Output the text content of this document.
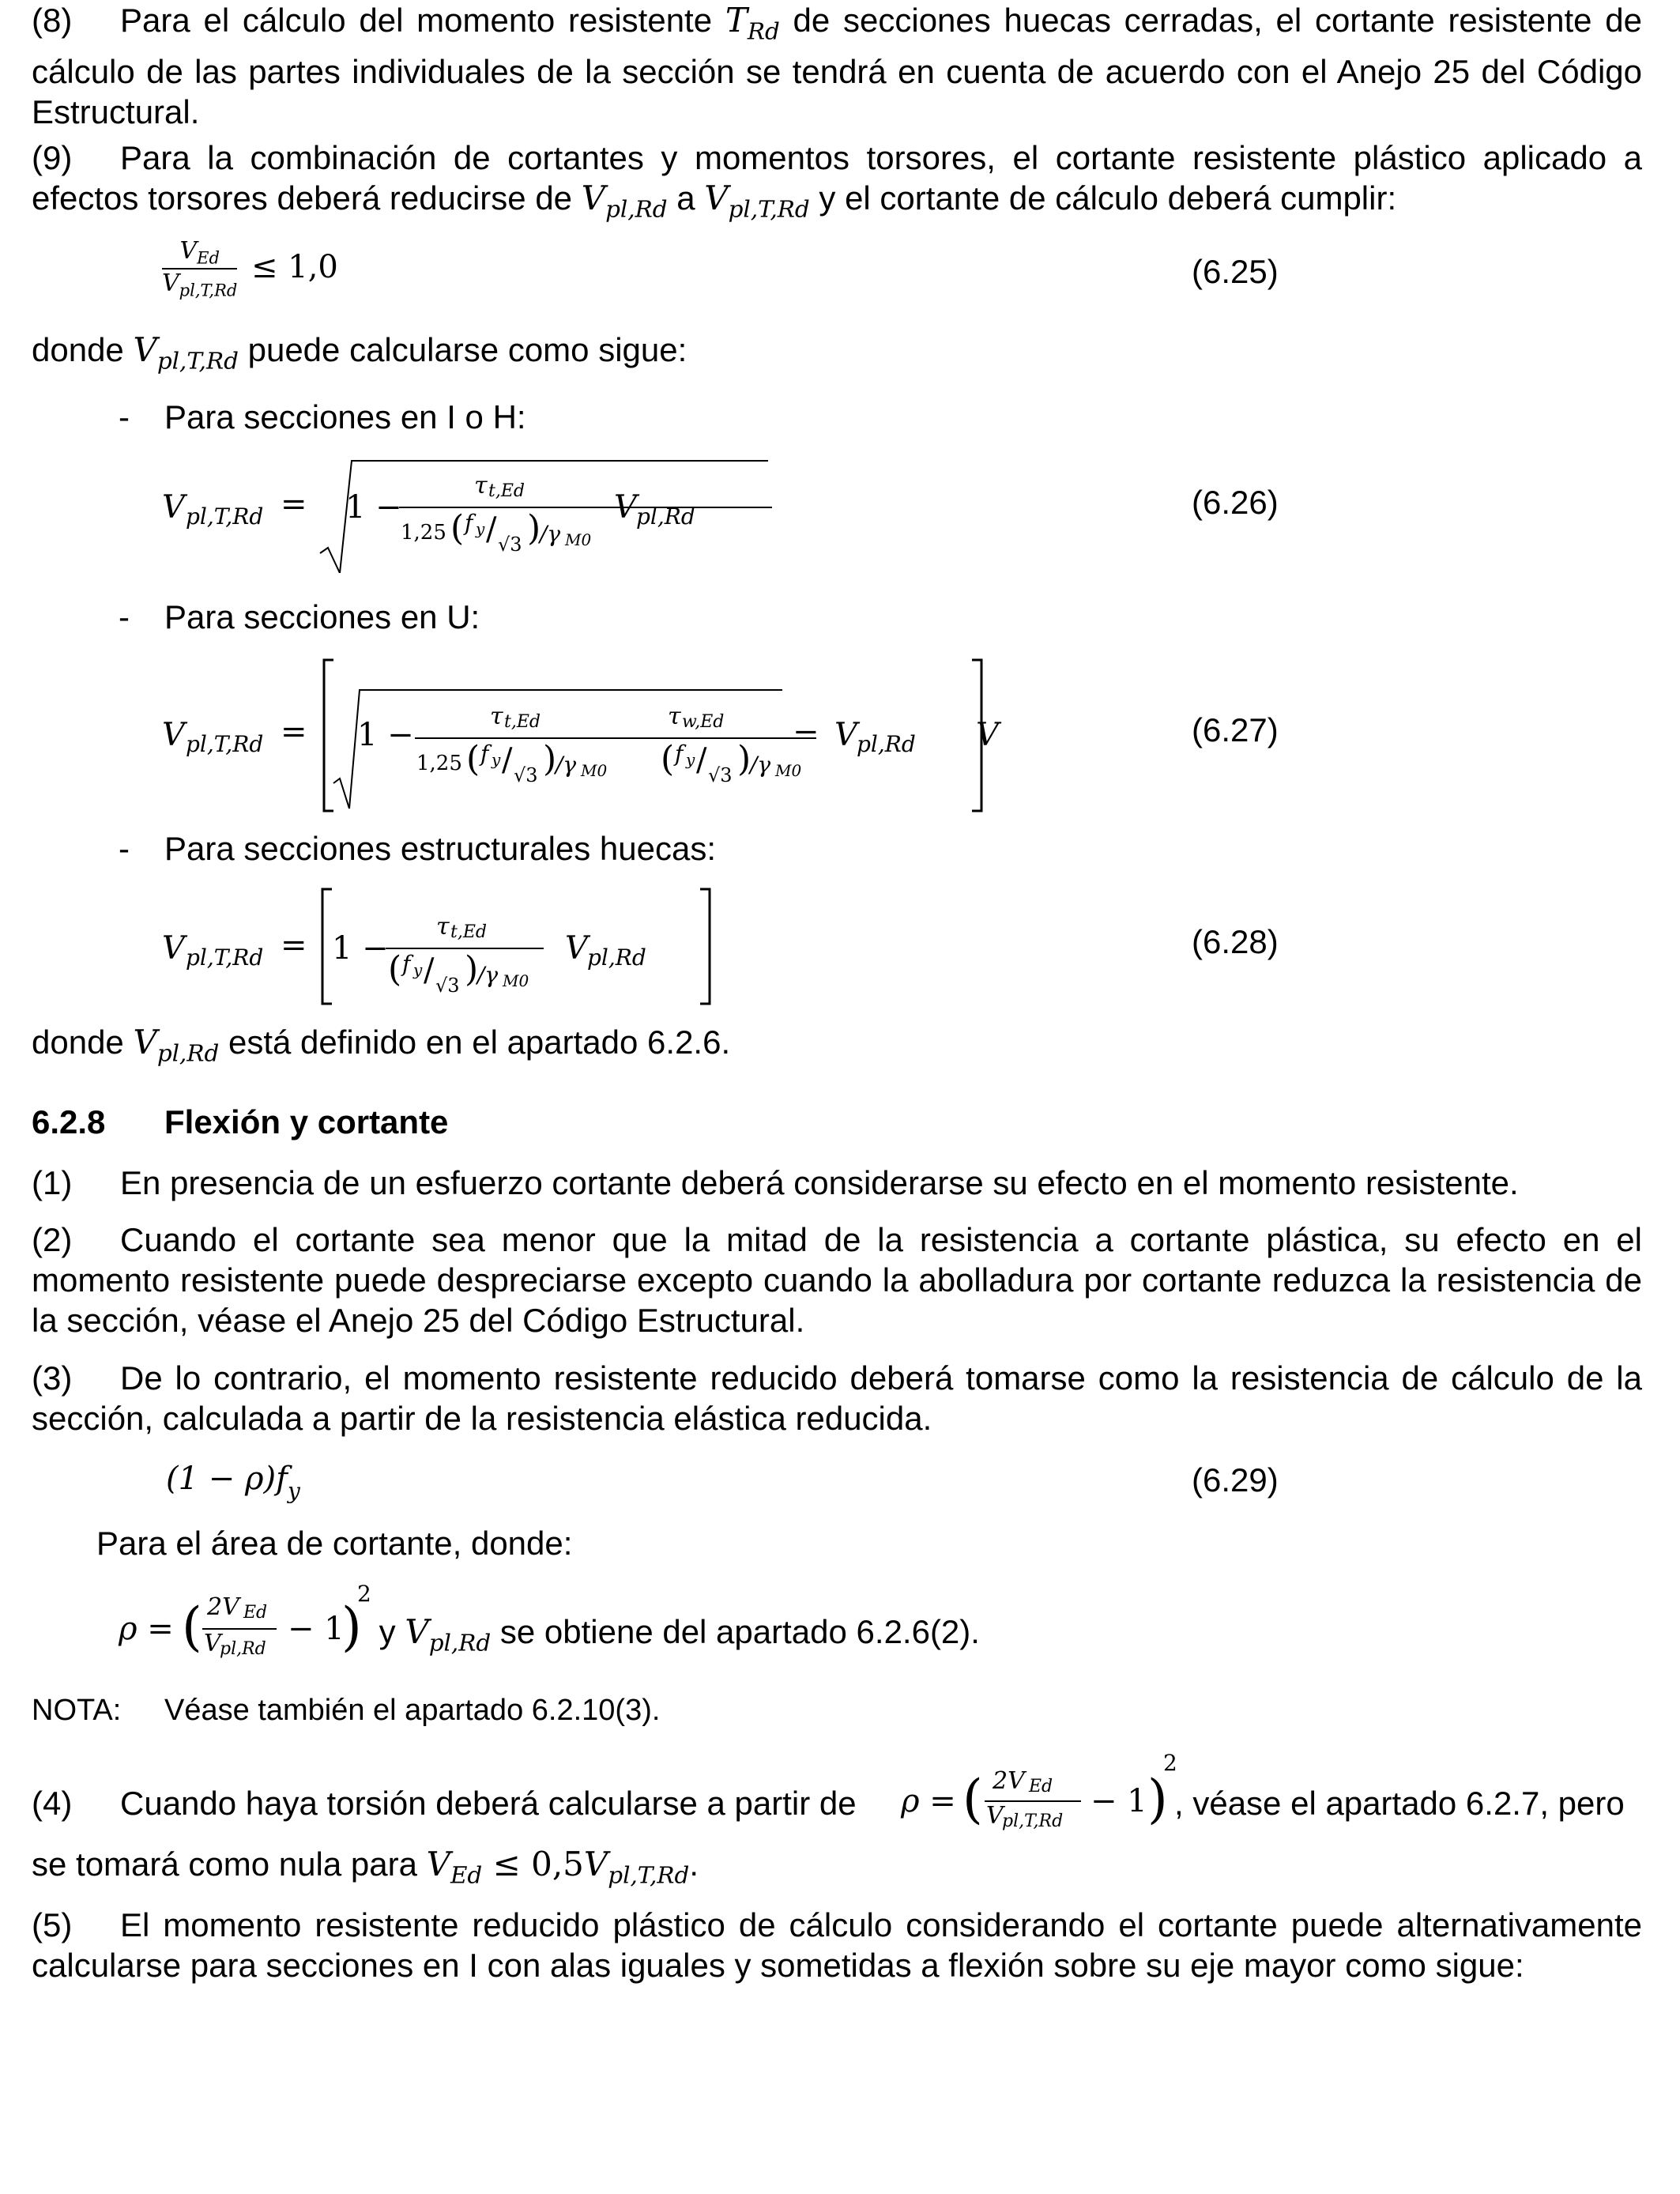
(8) Para el cálculo del momento resistente $T_{Rd}$ de secciones huecas cerradas, el cortante resistente de cálculo de las partes individuales de la sección se tendrá en cuenta de acuerdo con el Anejo 25 del Código Estructural.
(9) Para la combinación de cortantes y momentos torsores, el cortante resistente plástico aplicado a efectos torsores deberá reducirse de $V_{pl,Rd}$ a $V_{pl,T,Rd}$ y el cortante de cálculo deberá cumplir:
$\frac{V_{Ed}}{V_{pl,T,Rd}} \le 1,0$	(6.25)
donde $V_{pl,T,Rd}$ puede calcularse como sigue:
- Para secciones en I o H:
V pl,T,Rd = 1 −
τ t,Ed
1,25 ( f y / √3 )
/γ M0
V pl,Rd	(6.26)
- Para secciones en U:
V pl,T,Rd = 1 −
τ t,Ed
1,25 ( f y / √3 )
/γ M0
−
τ w,Ed	V
( f y / √3 )
/γ M0
V pl,Rd	(6.27)
- Para secciones estructurales huecas:
V pl,T,Rd = 1 −
τ t,Ed
( f y / √3 )
/γ M0
V pl,Rd	(6.28)
donde $V_{pl,Rd}$ está definido en el apartado 6.2.6.
6.2.8 Flexión y cortante
(1) En presencia de un esfuerzo cortante deberá considerarse su efecto en el momento resistente.
(2) Cuando el cortante sea menor que la mitad de la resistencia a cortante plástica, su efecto en el momento resistente puede despreciarse excepto cuando la abolladura por cortante reduzca la resistencia de la sección, véase el Anejo 25 del Código Estructural.
(3) De lo contrario, el momento resistente reducido deberá tomarse como la resistencia de cálculo de la sección, calculada a partir de la resistencia elástica reducida.
$(1 - \rho)f_y$	(6.29)
Para el área de cortante, donde:
ρ = ( 2V Ed
V
pl,Rd
− 1
)
2
y $V_{pl,Rd}$ se obtiene del apartado 6.2.6(2).
NOTA: Véase también el apartado 6.2.10(3).
(4) Cuando haya torsión deberá calcularse a partir de ρ = ( 2V Ed
V
pl,T,Rd
− 1 )
2
, véase el apartado 6.2.7, pero
se tomará como nula para $V_{Ed} \le 0,5V_{pl,T,Rd}$.
(5) El momento resistente reducido plástico de cálculo considerando el cortante puede alternativamente calcularse para secciones en I con alas iguales y sometidas a flexión sobre su eje mayor como sigue:
